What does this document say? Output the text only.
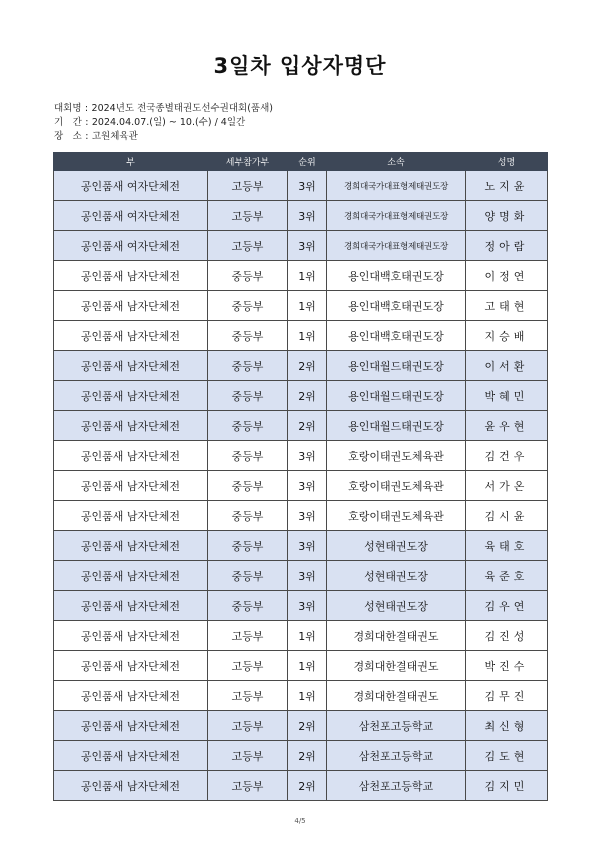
3일차 입상자명단
대회명 : 2024년도 전국종별태권도선수권대회(품새)
기　간 : 2024.04.07.(일) ~ 10.(수) / 4일간
장　소 : 고원체육관
부	세부참가부	순위	소속	성명
공인품새 여자단체전	고등부	3위	경희대국가대표형제태권도장	노지윤
공인품새 여자단체전	고등부	3위	경희대국가대표형제태권도장	양명화
공인품새 여자단체전	고등부	3위	경희대국가대표형제태권도장	정아람
공인품새 남자단체전	중등부	1위	용인대백호태권도장	이정연
공인품새 남자단체전	중등부	1위	용인대백호태권도장	고태현
공인품새 남자단체전	중등부	1위	용인대백호태권도장	지승배
공인품새 남자단체전	중등부	2위	용인대월드태권도장	이서환
공인품새 남자단체전	중등부	2위	용인대월드태권도장	박혜민
공인품새 남자단체전	중등부	2위	용인대월드태권도장	윤우현
공인품새 남자단체전	중등부	3위	호랑이태권도체육관	김건우
공인품새 남자단체전	중등부	3위	호랑이태권도체육관	서가온
공인품새 남자단체전	중등부	3위	호랑이태권도체육관	김시윤
공인품새 남자단체전	중등부	3위	성현태권도장	육태호
공인품새 남자단체전	중등부	3위	성현태권도장	육준호
공인품새 남자단체전	중등부	3위	성현태권도장	김우연
공인품새 남자단체전	고등부	1위	경희대한결태권도	김진성
공인품새 남자단체전	고등부	1위	경희대한결태권도	박진수
공인품새 남자단체전	고등부	1위	경희대한결태권도	김무진
공인품새 남자단체전	고등부	2위	삼천포고등학교	최신형
공인품새 남자단체전	고등부	2위	삼천포고등학교	김도현
공인품새 남자단체전	고등부	2위	삼천포고등학교	김지민
4/5
